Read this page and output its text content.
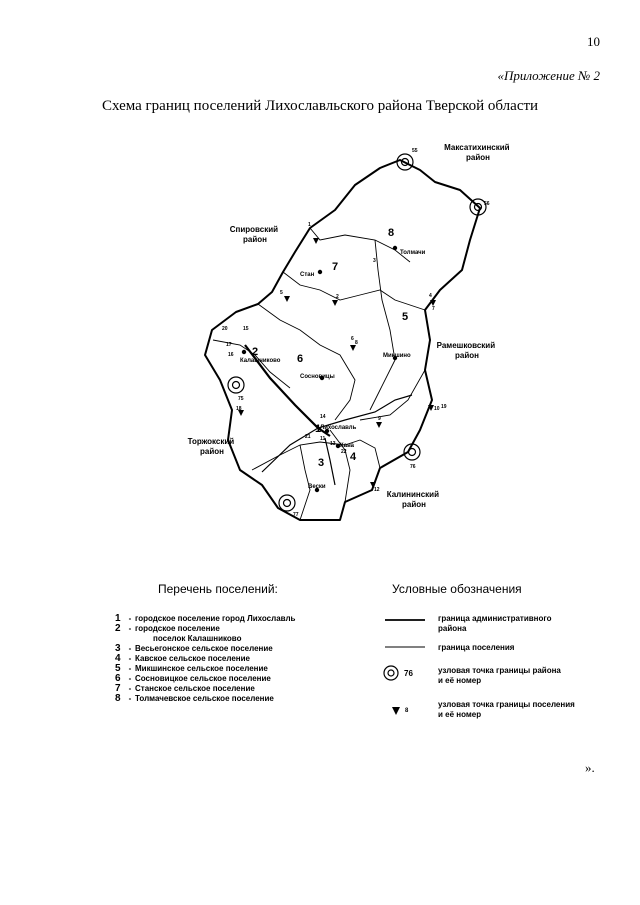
10
«Приложение № 2
Схема границ поселений Лихославльского района Тверской области
Максатихинский район
Спировский район
Рамешковский район
Торжокский район
Калининский район
1
2
3 4
5
6
7
8
Толмачи
Стан
Микшино
Сосновицы
Калашниково
Лихославль
Кава
Вески
55
56
75
76
77
1
2
3
4
5
6
7
8
9
10
11
12
13
14
15
16
17
18	19
20
21
22
Перечень поселений:	Условные обозначения
1 - городское поселение город Лихославль
2 - городское поселение
поселок Калашниково
3 - Весьегонское сельское поселение
4 - Кавское сельское поселение
5 - Микшинское сельское поселение
6 - Сосновицкое сельское поселение
7 - Станское сельское поселение
8 - Толмачевское сельское поселение
76
8
граница административного
района
граница поселения
узловая точка границы района
и её номер
узловая точка границы поселения
и её номер
».
